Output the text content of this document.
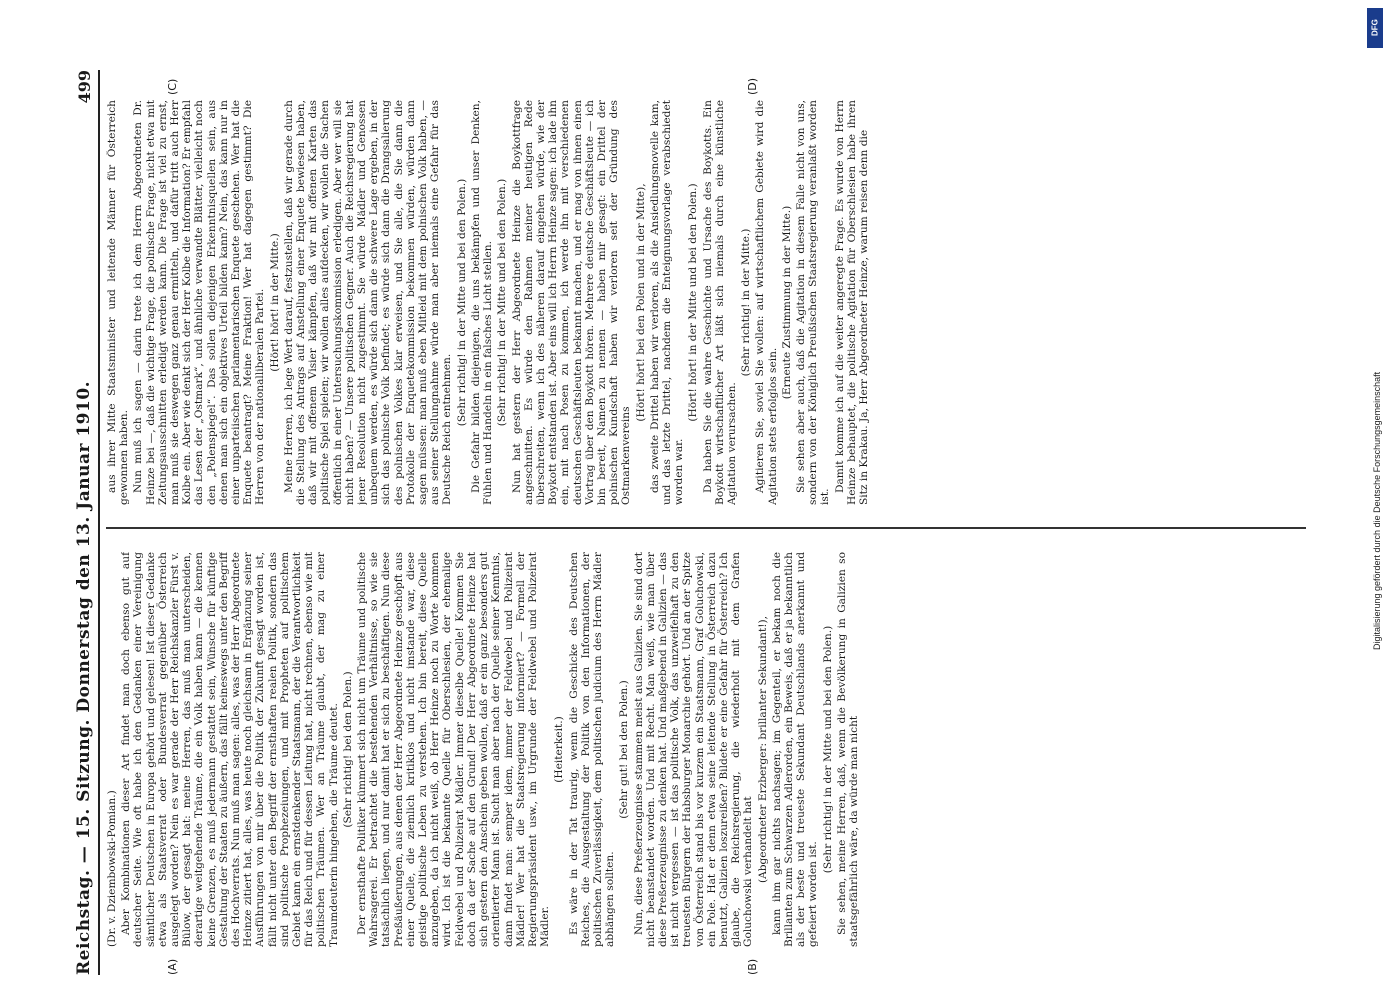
Reichstag. — 15. Sitzung. Donnerstag den 13. Januar 1910.
499
(A)	(B)
(C)	(D)

(Dr. v. Dziembowski-Pomian.) Aber Kombinationen dieser Art findet man doch ebenso gut auf deutscher Seite. Wie oft habe ich den Gedanken einer Vereinigung sämtlicher Deutschen in Europa gehört und gelesen! Ist dieser Gedanke etwa als Staatsverrat oder Bundesverrat gegenüber Österreich ausgelegt worden? Nein es war gerade der Herr Reichskanzler Fürst v. Bülow, der gesagt hat: meine Herren, das muß man unterscheiden, derartige weitgehende Träume, die ein Volk haben kann — die kennen keine Grenzen, es muß jedermann gestattet sein, Wünsche für künftige Gestaltung der Staaten zu äußern, das fällt keineswegs unter den Begriff des Hochverrats. Nun muß man sagen: alles, was der Herr Abgeordnete Heinze zitiert hat, alles, was heute noch gleichsam in Ergänzung seiner Ausführungen von mir über die Politik der Zukunft gesagt worden ist, fällt nicht unter den Begriff der ernsthaften realen Politik, sondern das sind politische Prophezeiungen, und mit Propheten auf politischem Gebiet kann ein ernstdenkender Staatsmann, der die Verantwortlichkeit für das Reich und für dessen Leitung hat, nicht rechnen, ebenso wie mit politischen Träumen. Wer an Träume glaubt, der mag zu einer Traumdeuterin hingehen, die Träume deutet. (Sehr richtig! bei den Polen.) Der ernsthafte Politiker kümmert sich nicht um Träume und politische Wahrsagerei. Er betrachtet die bestehenden Verhältnisse, so wie sie tatsächlich liegen, und nur damit hat er sich zu beschäftigen. Nun diese Preßäußerungen, aus denen der Herr Abgeordnete Heinze geschöpft aus einer Quelle, die ziemlich kritiklos und nicht imstande war, diese geistige politische Leben zu verstehen. Ich bin bereit, diese Quelle anzugeben, da ich nicht weiß, ob Herr Heinze noch zu Worte kommen wird. Ich ist die bekannte Quelle für Oberschlesien, der ehemalige Feldwebel und Polizeirat Mädler. Immer dieselbe Quelle! Kommen Sie doch da der Sache auf den Grund! Der Herr Abgeordnete Heinze hat sich gestern den Anschein geben wollen, daß er ein ganz besonders gut orientierter Mann ist. Sucht man aber nach der Quelle seiner Kenntnis, dann findet man: semper idem, immer der Feldwebel und Polizeirat Mädler! Wer hat die Staatsregierung informiert? — Formell der Regierungspräsident usw., im Urgrunde der Feldwebel und Polizeirat Mädler.

(Heiterkeit.) Es wäre in der Tat traurig, wenn die Geschicke des Deutschen Reiches, die Ausgestaltung der Politik von den Informationen, der politischen Zuverlässigkeit, dem politischen judicium des Herrn Mädler abhängen sollten.

(Sehr gut! bei den Polen.) Nun, diese Preßerzeugnisse stammen meist aus Galizien. Sie sind dort nicht beanstandet worden. Und mit Recht. Man weiß, wie man über diese Preßerzeugnisse zu denken hat. Und maßgebend in Galizien — das ist nicht vergessen — ist das politische Volk, das unzweifelhaft zu den treuesten Bürgern der Habsburger Monarchie gehört. Und an der Spitze von Österreich stand bis vor kurzem ein Staatsmann, Graf Goluchowski, ein Pole. Hat er denn etwa seine leitende Stellung in Österreich dazu benutzt, Galizien loszureißen? Bildete er eine Gefahr für Österreich? Ich glaube, die Reichsregierung, die wiederholt mit dem Grafen Goluchowski verhandelt hat (Abgeordneter Erzberger: brillanter Sekundant!), kann ihm gar nichts nachsagen; im Gegenteil, er bekam noch die Brillanten zum Schwarzen Adlerorden, ein Beweis, daß er ja bekanntlich als der beste und treueste Sekundant Deutschlands anerkannt und gefeiert worden ist.

(Sehr richtig! in der Mitte und bei den Polen.) Sie sehen, meine Herren, daß, wenn die Bevölkerung in Galizien so staatsgefährlich wäre, da würde man nicht

aus ihrer Mitte Staatsminister und leitende Männer für Österreich gewonnen haben. Nun muß ich sagen — darin trete ich dem Herrn Abgeordneten Dr. Heinze bei —, daß die wichtige Frage, die polnische Frage, nicht etwa mit Zeitungsausschnitten erledigt werden kann. Die Frage ist viel zu ernst, man muß sie deswegen ganz genau ermitteln, und dafür tritt auch Herr Kolbe ein. Aber wie denkt sich der Herr Kolbe die Information? Er empfahl das Lesen der „Ostmark“, und ähnliche verwandte Blätter, vielleicht noch den „Polenspiegel“. Das sollen diejenigen Erkenntnisquellen sein, aus denen man sich ein objektives Urteil bilden kann? Nein, das kann nur in einer unparteiischen parlamentarischen Enquete geschehen. Wer hat die Enquete beantragt? Meine Fraktion! Wer hat dagegen gestimmt? Die Herren von der nationalliberalen Partei. (Hört! hört! in der Mitte.) Meine Herren, ich lege Wert darauf, festzustellen, daß wir gerade durch die Stellung des Antrags auf Anstellung einer Enquete bewiesen haben, daß wir mit offenem Visier kämpfen, daß wir mit offenen Karten das politische Spiel spielen; wir wollen alles aufdecken, wir wollen die Sachen öffentlich in einer Untersuchungskommission erledigen. Aber wer will sie nicht haben? — Unsere politischen Gegner. Auch die Reichsregierung hat jener Resolution nicht zugestimmt. Sie würde Mädler und Genossen unbequem werden, es würde sich dann die schwere Lage ergeben, in der sich das polnische Volk befindet; es würde sich dann die Drangsalierung des polnischen Volkes klar erweisen, und Sie alle, die Sie dann die Protokolle der Enquetekommission bekommen würden, würden dann sagen müssen: man muß eben Mitleid mit dem polnischen Volk haben, — aus seiner Stellungnahme würde man aber niemals eine Gefahr für das Deutsche Reich entnehmen.

(Sehr richtig! in der Mitte und bei den Polen.) Die Gefahr bilden diejenigen, die uns bekämpfen und unser Denken, Fühlen und Handeln in ein falsches Licht stellen. (Sehr richtig! in der Mitte und bei den Polen.) Nun hat gestern der Herr Abgeordnete Heinze die Boykottfrage angeschnitten. Es würde den Rahmen meiner heutigen Rede überschreiten, wenn ich des näheren darauf eingehen würde, wie der Boykott entstanden ist. Aber eins will ich Herrn Heinze sagen: ich lade ihn ein, mit nach Posen zu kommen, ich werde ihn mit verschiedenen deutschen Geschäftsleuten bekannt machen, und er mag von ihnen einen Vortrag über den Boykott hören. Mehrere deutsche Geschäftsleute — ich bin bereit, Namen zu nennen — haben mir gesagt: ein Drittel der polnischen Kundschaft haben wir verloren seit der Gründung des Ostmarkenvereins

(Hört! hört! bei den Polen und in der Mitte), das zweite Drittel haben wir verloren, als die Ansiedlungsnovelle kam, und das letzte Drittel, nachdem die Enteignungsvorlage verabschiedet worden war.

(Hört! hört! in der Mitte und bei den Polen.) Da haben Sie die wahre Geschichte und Ursache des Boykotts. Ein Boykott wirtschaftlicher Art läßt sich niemals durch eine künstliche Agitation verursachen.

(Sehr richtig! in der Mitte.) Agitieren Sie, soviel Sie wollen: auf wirtschaftlichem Gebiete wird die Agitation stets erfolglos sein.

(Erneute Zustimmung in der Mitte.) Sie sehen aber auch, daß die Agitation in diesem Falle nicht von uns, sondern von der Königlich Preußischen Staatsregierung veranlaßt worden ist.

Damit komme ich auf die weiter angeregte Frage. Es wurde von Herrn Heinze behauptet, die politische Agitation für Oberschlesien habe ihren Sitz in Krakau. Ja, Herr Abgeordneter Heinze, warum reisen denn die

DFG
Digitalisierung gefördert durch die Deutsche Forschungsgemeinschaft
